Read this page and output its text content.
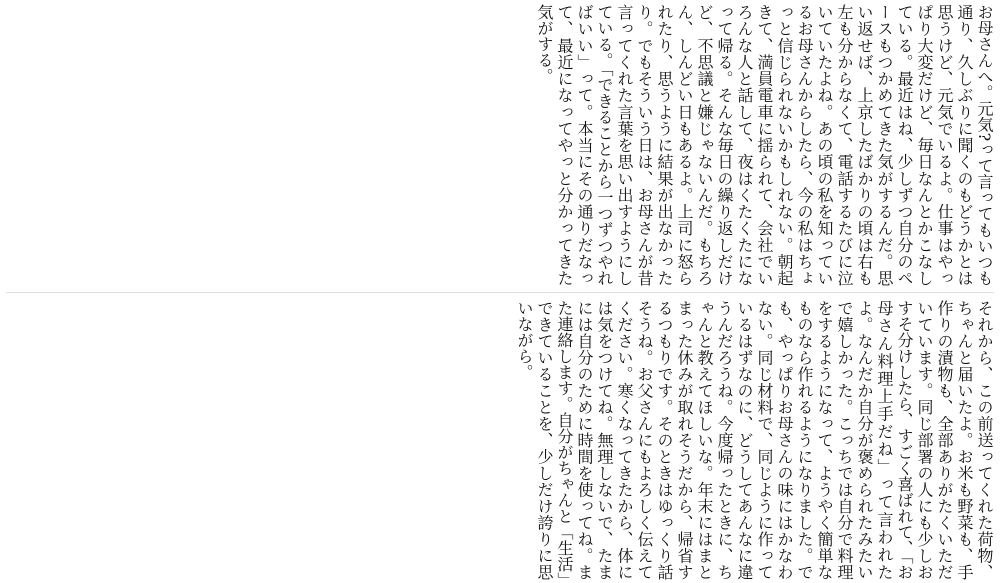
お母さんへ。元気?って言ってもいつも通り、久しぶりに聞くのもどうかとは思うけど、元気でいるよ。仕事はやっぱり大変だけど、毎日なんとかこなしている。最近はね、少しずつ自分のペースもつかめてきた気がするんだ。思い返せば、上京したばかりの頃は右も左も分からなくて、電話するたびに泣いていたよね。あの頃の私を知っているお母さんからしたら、今の私はちょっと信じられないかもしれない。朝起きて、満員電車に揺られて、会社でいろんな人と話して、夜はくたくたになって帰る。そんな毎日の繰り返しだけど、不思議と嫌じゃないんだ。もちろん、しんどい日もあるよ。上司に怒られたり、思うように結果が出なかったり。でもそういう日は、お母さんが昔言ってくれた言葉を思い出すようにしている。「できることから一つずつやればいい」って。本当にその通りだなって、最近になってやっと分かってきた気がする。

それから、この前送ってくれた荷物、ちゃんと届いたよ。お米も野菜も、手作りの漬物も、全部ありがたくいただいています。同じ部署の人にも少しおすそ分けしたら、すごく喜ばれて、「お母さん料理上手だね」って言われたよ。なんだか自分が褒められたみたいで嬉しかった。こっちでは自分で料理をするようになって、ようやく簡単なものなら作れるようになりました。でも、やっぱりお母さんの味にはかなわない。同じ材料で、同じように作っているはずなのに、どうしてあんなに違うんだろうね。今度帰ったときに、ちゃんと教えてほしいな。年末にはまとまった休みが取れそうだから、帰省するつもりです。そのときはゆっくり話そうね。お父さんにもよろしく伝えてください。寒くなってきたから、体には気をつけてね。無理しないで、たまには自分のために時間を使ってね。また連絡します。自分がちゃんと「生活」できていることを、少しだけ誇りに思いながら。
